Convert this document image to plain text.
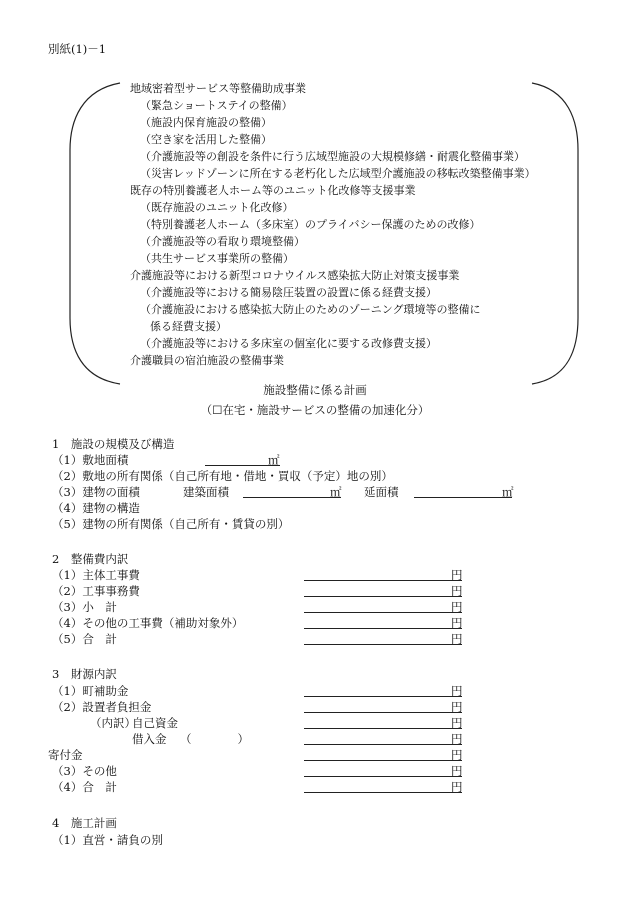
別紙(1)－1
地域密着型サービス等整備助成事業
（緊急ショートステイの整備）
（施設内保育施設の整備）
（空き家を活用した整備）
（介護施設等の創設を条件に行う広域型施設の大規模修繕・耐震化整備事業）
（災害レッドゾーンに所在する老朽化した広域型介護施設の移転改築整備事業）
既存の特別養護老人ホーム等のユニット化改修等支援事業
（既存施設のユニット化改修）
（特別養護老人ホーム（多床室）のプライバシー保護のための改修）
（介護施設等の看取り環境整備）
（共生サービス事業所の整備）
介護施設等における新型コロナウイルス感染拡大防止対策支援事業
（介護施設等における簡易陰圧装置の設置に係る経費支援）
（介護施設における感染拡大防止のためのゾーニング環境等の整備に
係る経費支援）
（介護施設等における多床室の個室化に要する改修費支援）
介護職員の宿泊施設の整備事業
施設整備に係る計画
（☐在宅・施設サービスの整備の加速化分）
1　施設の規模及び構造
（1）敷地面積	㎡
（2）敷地の所有関係（自己所有地・借地・買収（予定）地の別）
（3）建物の面積	建築面積	㎡ 延面積	㎡
（4）建物の構造
（5）建物の所有関係（自己所有・賃貸の別）
2　整備費内訳
（1）主体工事費	円
（2）工事事務費	円
（3）小　計	円
（4）その他の工事費（補助対象外）	円
（5）合　計	円
3　財源内訳
（1）町補助金	円
（2）設置者負担金	円
（内訳）
自己資金	円
借入金 （　　　　）	円
寄付金	円
（3）その他	円
（4）合　計	円
4　施工計画
（1）直営・請負の別
